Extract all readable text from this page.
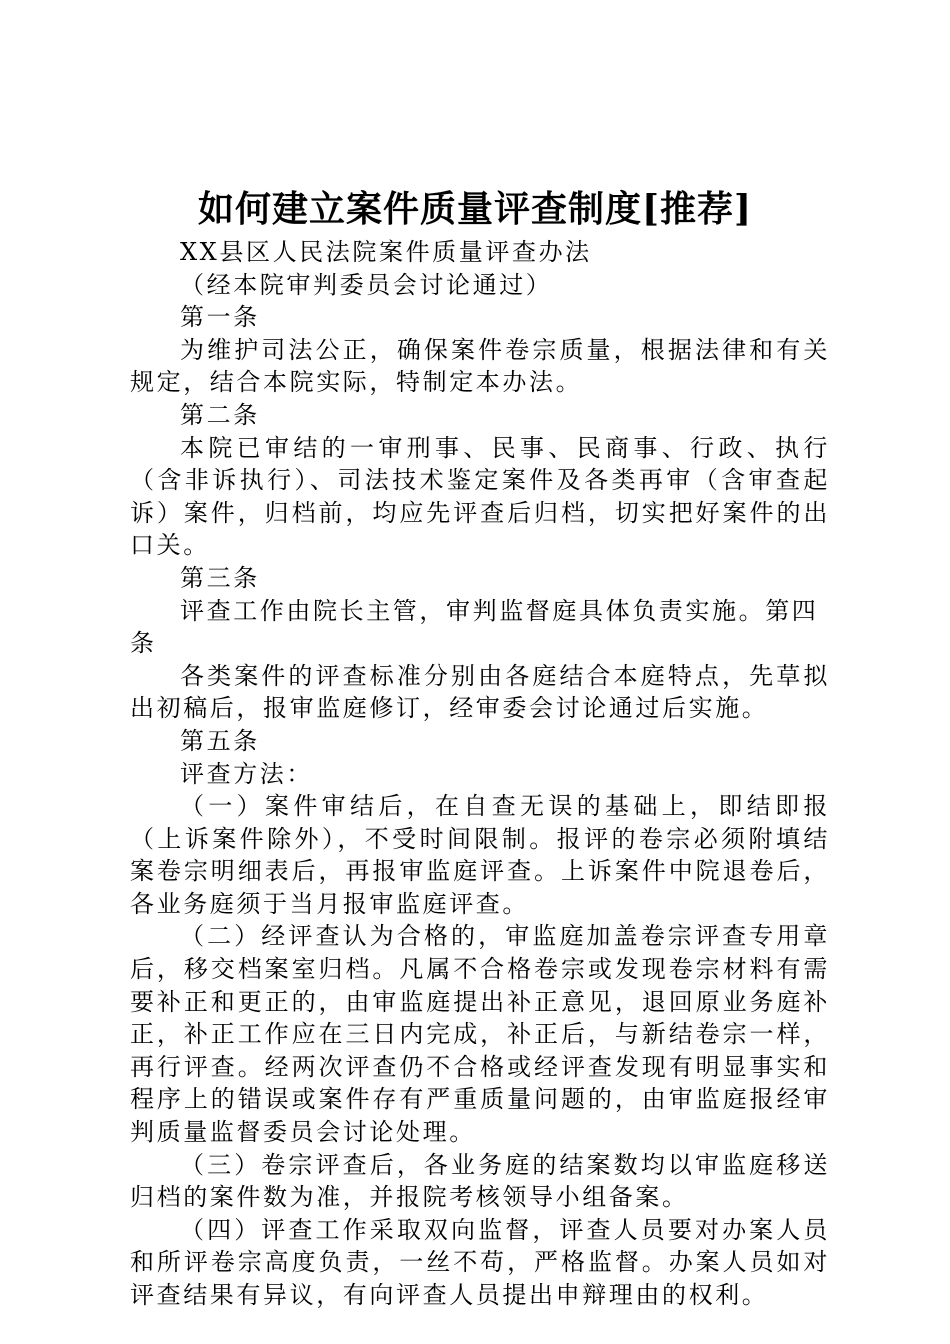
如何建立案件质量评查制度[推荐]

XX县区人民法院案件质量评查办法

（经本院审判委员会讨论通过）

第一条

为维护司法公正，确保案件卷宗质量，根据法律和有关规定，结合本院实际，特制定本办法。

第二条

本院已审结的一审刑事、民事、民商事、行政、执行（含非诉执行）、司法技术鉴定案件及各类再审（含审查起诉）案件，归档前，均应先评查后归档，切实把好案件的出口关。

第三条

评查工作由院长主管，审判监督庭具体负责实施。第四条

各类案件的评查标准分别由各庭结合本庭特点，先草拟出初稿后，报审监庭修订，经审委会讨论通过后实施。

第五条

评查方法：

（一）案件审结后，在自查无误的基础上，即结即报（上诉案件除外），不受时间限制。报评的卷宗必须附填结案卷宗明细表后，再报审监庭评查。上诉案件中院退卷后，各业务庭须于当月报审监庭评查。

（二）经评查认为合格的，审监庭加盖卷宗评查专用章后，移交档案室归档。凡属不合格卷宗或发现卷宗材料有需要补正和更正的，由审监庭提出补正意见，退回原业务庭补正，补正工作应在三日内完成，补正后，与新结卷宗一样，再行评查。经两次评查仍不合格或经评查发现有明显事实和程序上的错误或案件存有严重质量问题的，由审监庭报经审判质量监督委员会讨论处理。

（三）卷宗评查后，各业务庭的结案数均以审监庭移送归档的案件数为准，并报院考核领导小组备案。

（四）评查工作采取双向监督，评查人员要对办案人员和所评卷宗高度负责，一丝不苟，严格监督。办案人员如对评查结果有异议，有向评查人员提出申辩理由的权利。
